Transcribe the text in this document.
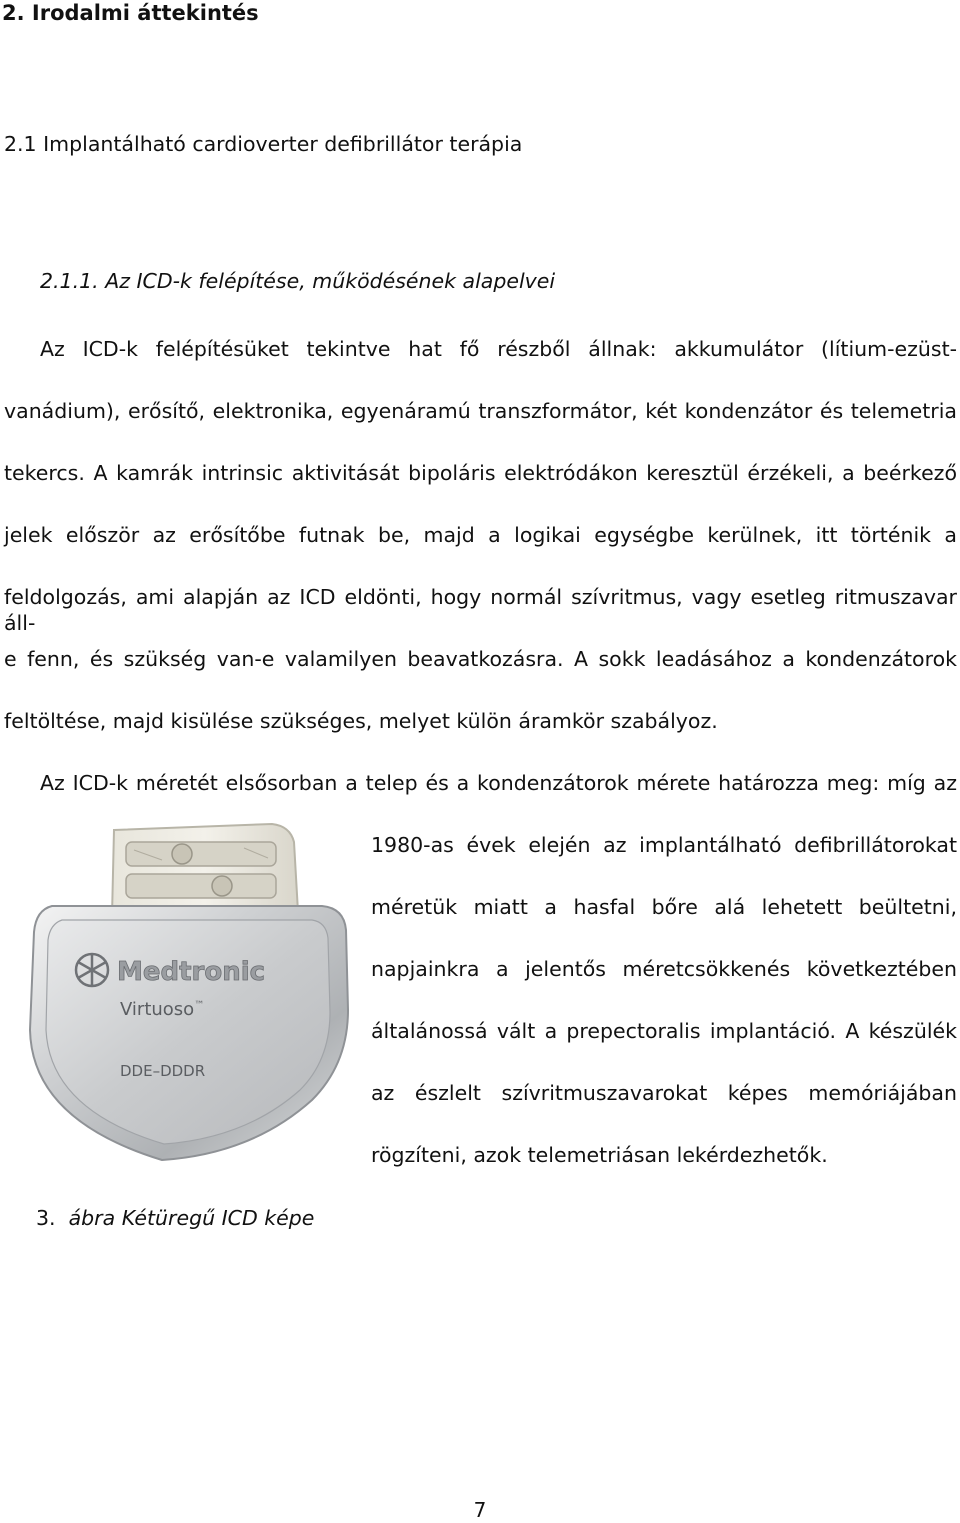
2. Irodalmi áttekintés
2.1 Implantálható cardioverter defibrillátor terápia
2.1.1. Az ICD-k felépítése, működésének alapelvei
Az ICD-k felépítésüket tekintve hat fő részből állnak: akkumulátor (lítium-ezüst-
vanádium), erősítő, elektronika, egyenáramú transzformátor, két kondenzátor és telemetria
tekercs. A kamrák intrinsic aktivitását bipoláris elektródákon keresztül érzékeli, a beérkező
jelek először az erősítőbe futnak be, majd a logikai egységbe kerülnek, itt történik a
feldolgozás, ami alapján az ICD eldönti, hogy normál szívritmus, vagy esetleg ritmuszavar áll-
e fenn, és szükség van-e valamilyen beavatkozásra. A sokk leadásához a kondenzátorok
feltöltése, majd kisülése szükséges, melyet külön áramkör szabályoz.
Az ICD-k méretét elsősorban a telep és a kondenzátorok mérete határozza meg: míg az
1980-as évek elején az implantálható defibrillátorokat
méretük miatt a hasfal bőre alá lehetett beültetni,
napjainkra a jelentős méretcsökkenés következtében
általánossá vált a prepectoralis implantáció. A készülék
az észlelt szívritmuszavarokat képes memóriájában
rögzíteni, azok telemetriásan lekérdezhetők.
Medtronic
Virtuoso™
DDE–DDDR
3. ábra Kétüregű ICD képe
7
